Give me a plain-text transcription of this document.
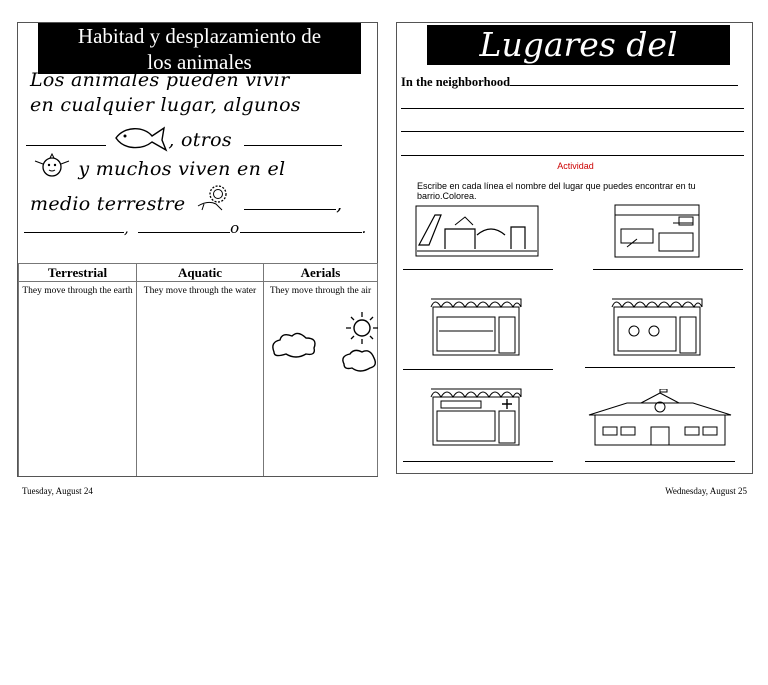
Habitad y desplazamiento de
los animales
Los animales pueden vivir
en cualquier lugar, algunos
, otros
y muchos viven en el
medio terrestre	,
,	o	.
Terrestrial	Aquatic	Aerials
They move through the earth	They move through the water	They move through the air
Lugares del Barrio
In the neighborhood
Actividad
Escribe en cada línea el nombre del lugar que puedes encontrar en tu barrio.Colorea.
Tuesday, August 24	Wednesday, August 25
